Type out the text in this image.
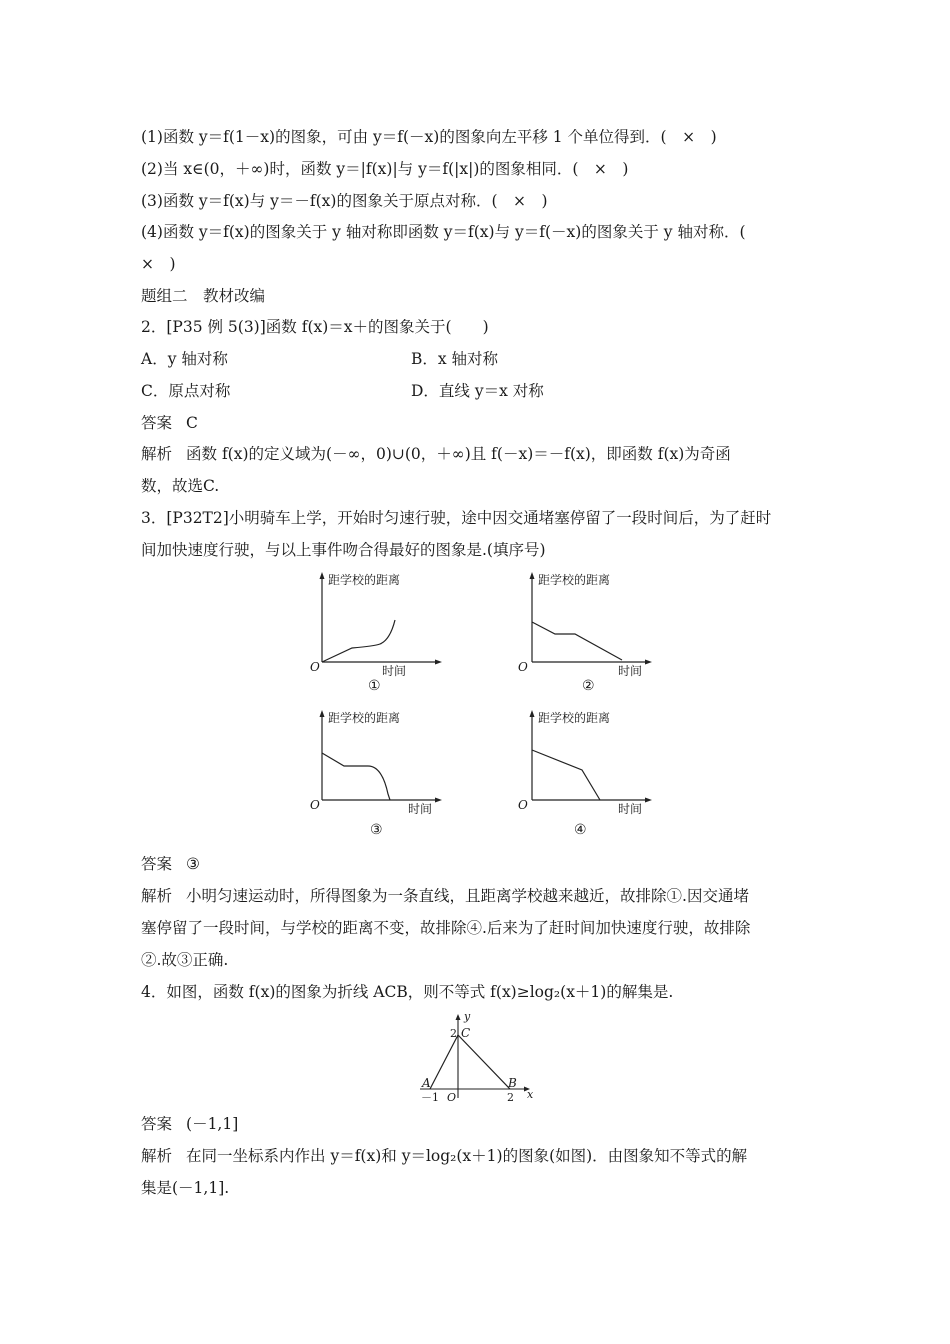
(1)函数 y＝f(1－x)的图象，可由 y＝f(－x)的图象向左平移 1 个单位得到．(　×　)
(2)当 x∈(0，＋∞)时，函数 y＝|f(x)|与 y＝f(|x|)的图象相同．(　×　)
(3)函数 y＝f(x)与 y＝－f(x)的图象关于原点对称．(　×　)
(4)函数 y＝f(x)的图象关于 y 轴对称即函数 y＝f(x)与 y＝f(－x)的图象关于 y 轴对称．(
×　)
题组二　教材改编
2．[P35 例 5(3)]函数 f(x)＝x＋的图象关于(　　)
A．y 轴对称	B．x 轴对称
C．原点对称	D．直线 y＝x 对称
答案 C
解析 函数 f(x)的定义域为(－∞，0)∪(0，＋∞)且 f(－x)＝－f(x)，即函数 f(x)为奇函
数，故选C.
3．[P32T2]小明骑车上学，开始时匀速行驶，途中因交通堵塞停留了一段时间后，为了赶时
间加快速度行驶，与以上事件吻合得最好的图象是.(填序号)
距学校的距离
时间
O
①
距学校的距离
时间
O
②
距学校的距离
时间
O
③
距学校的距离
时间
O
④
答案 ③
解析 小明匀速运动时，所得图象为一条直线，且距离学校越来越近，故排除①.因交通堵
塞停留了一段时间，与学校的距离不变，故排除④.后来为了赶时间加快速度行驶，故排除
②.故③正确.
4．如图，函数 f(x)的图象为折线 ACB，则不等式 f(x)≥log₂(x＋1)的解集是.
y
x
C
2
A	B
－1 O	2
答案 (－1,1]
解析 在同一坐标系内作出 y＝f(x)和 y＝log₂(x＋1)的图象(如图)．由图象知不等式的解
集是(－1,1].
